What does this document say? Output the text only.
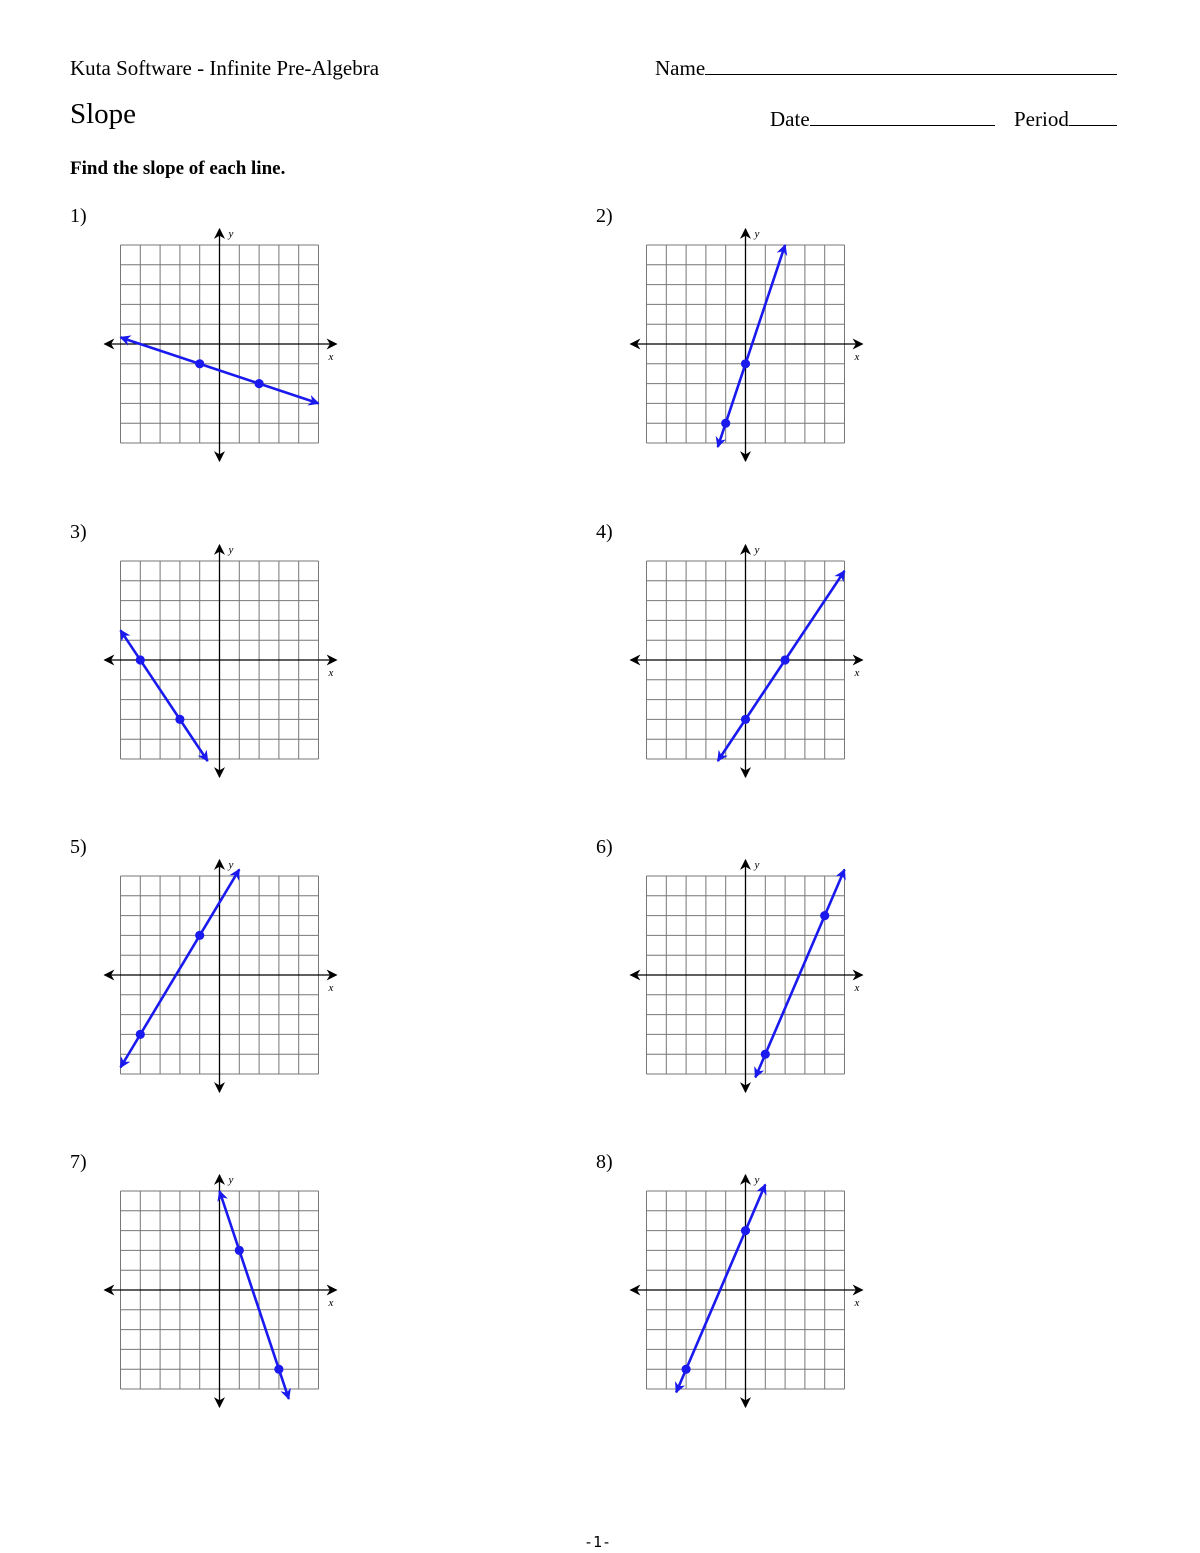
Kuta Software - Infinite Pre-Algebra	Name
Slope	Date	Period
Find the slope of each line.
1)	2)
3)	4)
5)	6)
7)	8)
x
y
x
y
x
y
x
y
x
y
x
y
x
y
x
y
-1-
